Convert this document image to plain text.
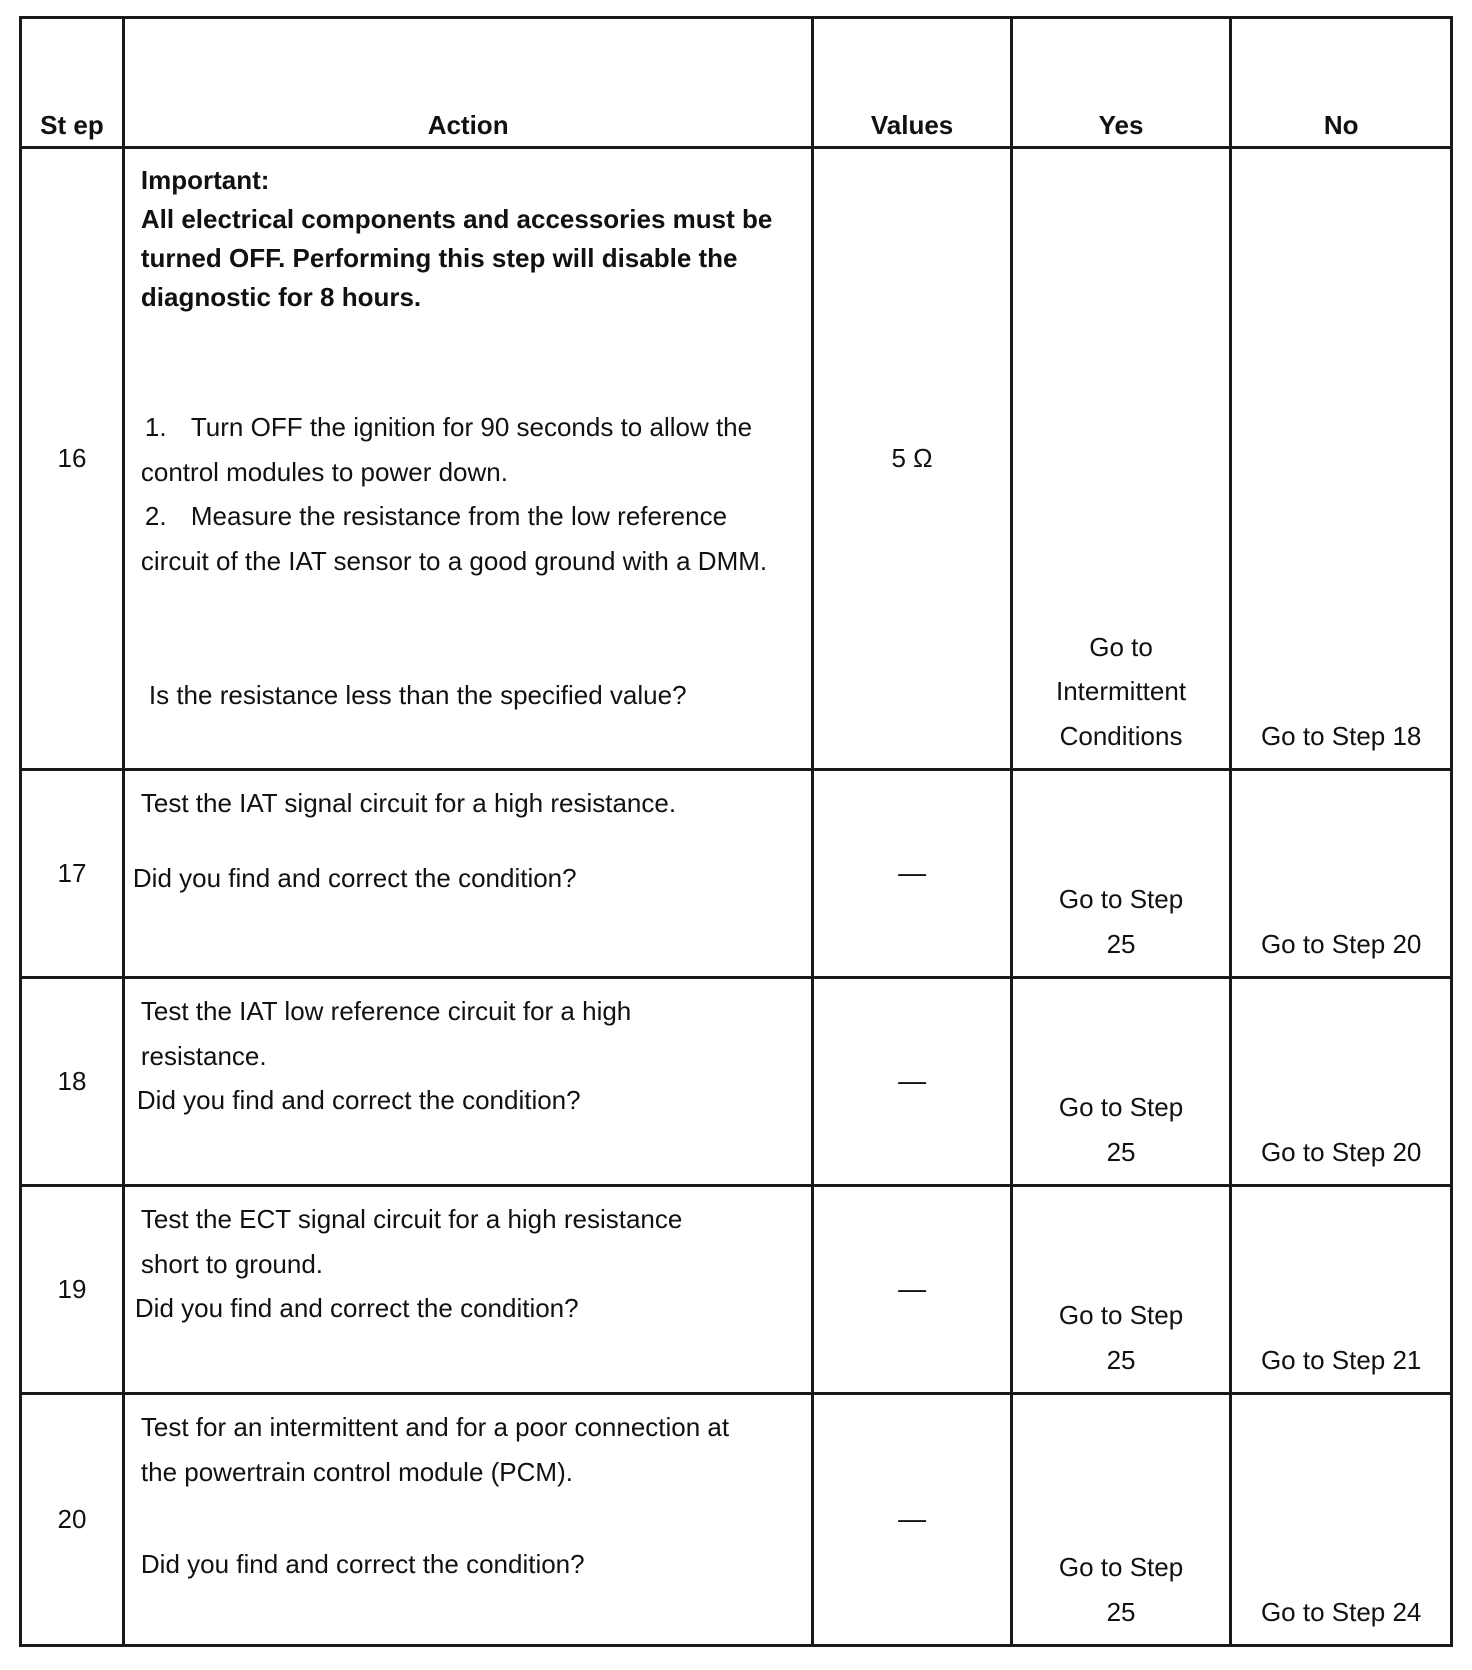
St ep	Action	Values	Yes	No
16	Important:
All electrical components and accessories must be turned OFF. Performing this step will disable the diagnostic for 8 hours.
1. Turn OFF the ignition for 90 seconds to allow the control modules to power down.
2. Measure the resistance from the low reference circuit of the IAT sensor to a good ground with a DMM.
Is the resistance less than the specified value?	5 Ω	Go to Intermittent Conditions	Go to Step 18
17	Test the IAT signal circuit for a high resistance.
Did you find and correct the condition?	—	Go to Step 25	Go to Step 20
18	Test the IAT low reference circuit for a high resistance.
Did you find and correct the condition?	—	Go to Step 25	Go to Step 20
19	Test the ECT signal circuit for a high resistance short to ground.
Did you find and correct the condition?	—	Go to Step 25	Go to Step 21
20	Test for an intermittent and for a poor connection at the powertrain control module (PCM).
Did you find and correct the condition?	—	Go to Step 25	Go to Step 24
